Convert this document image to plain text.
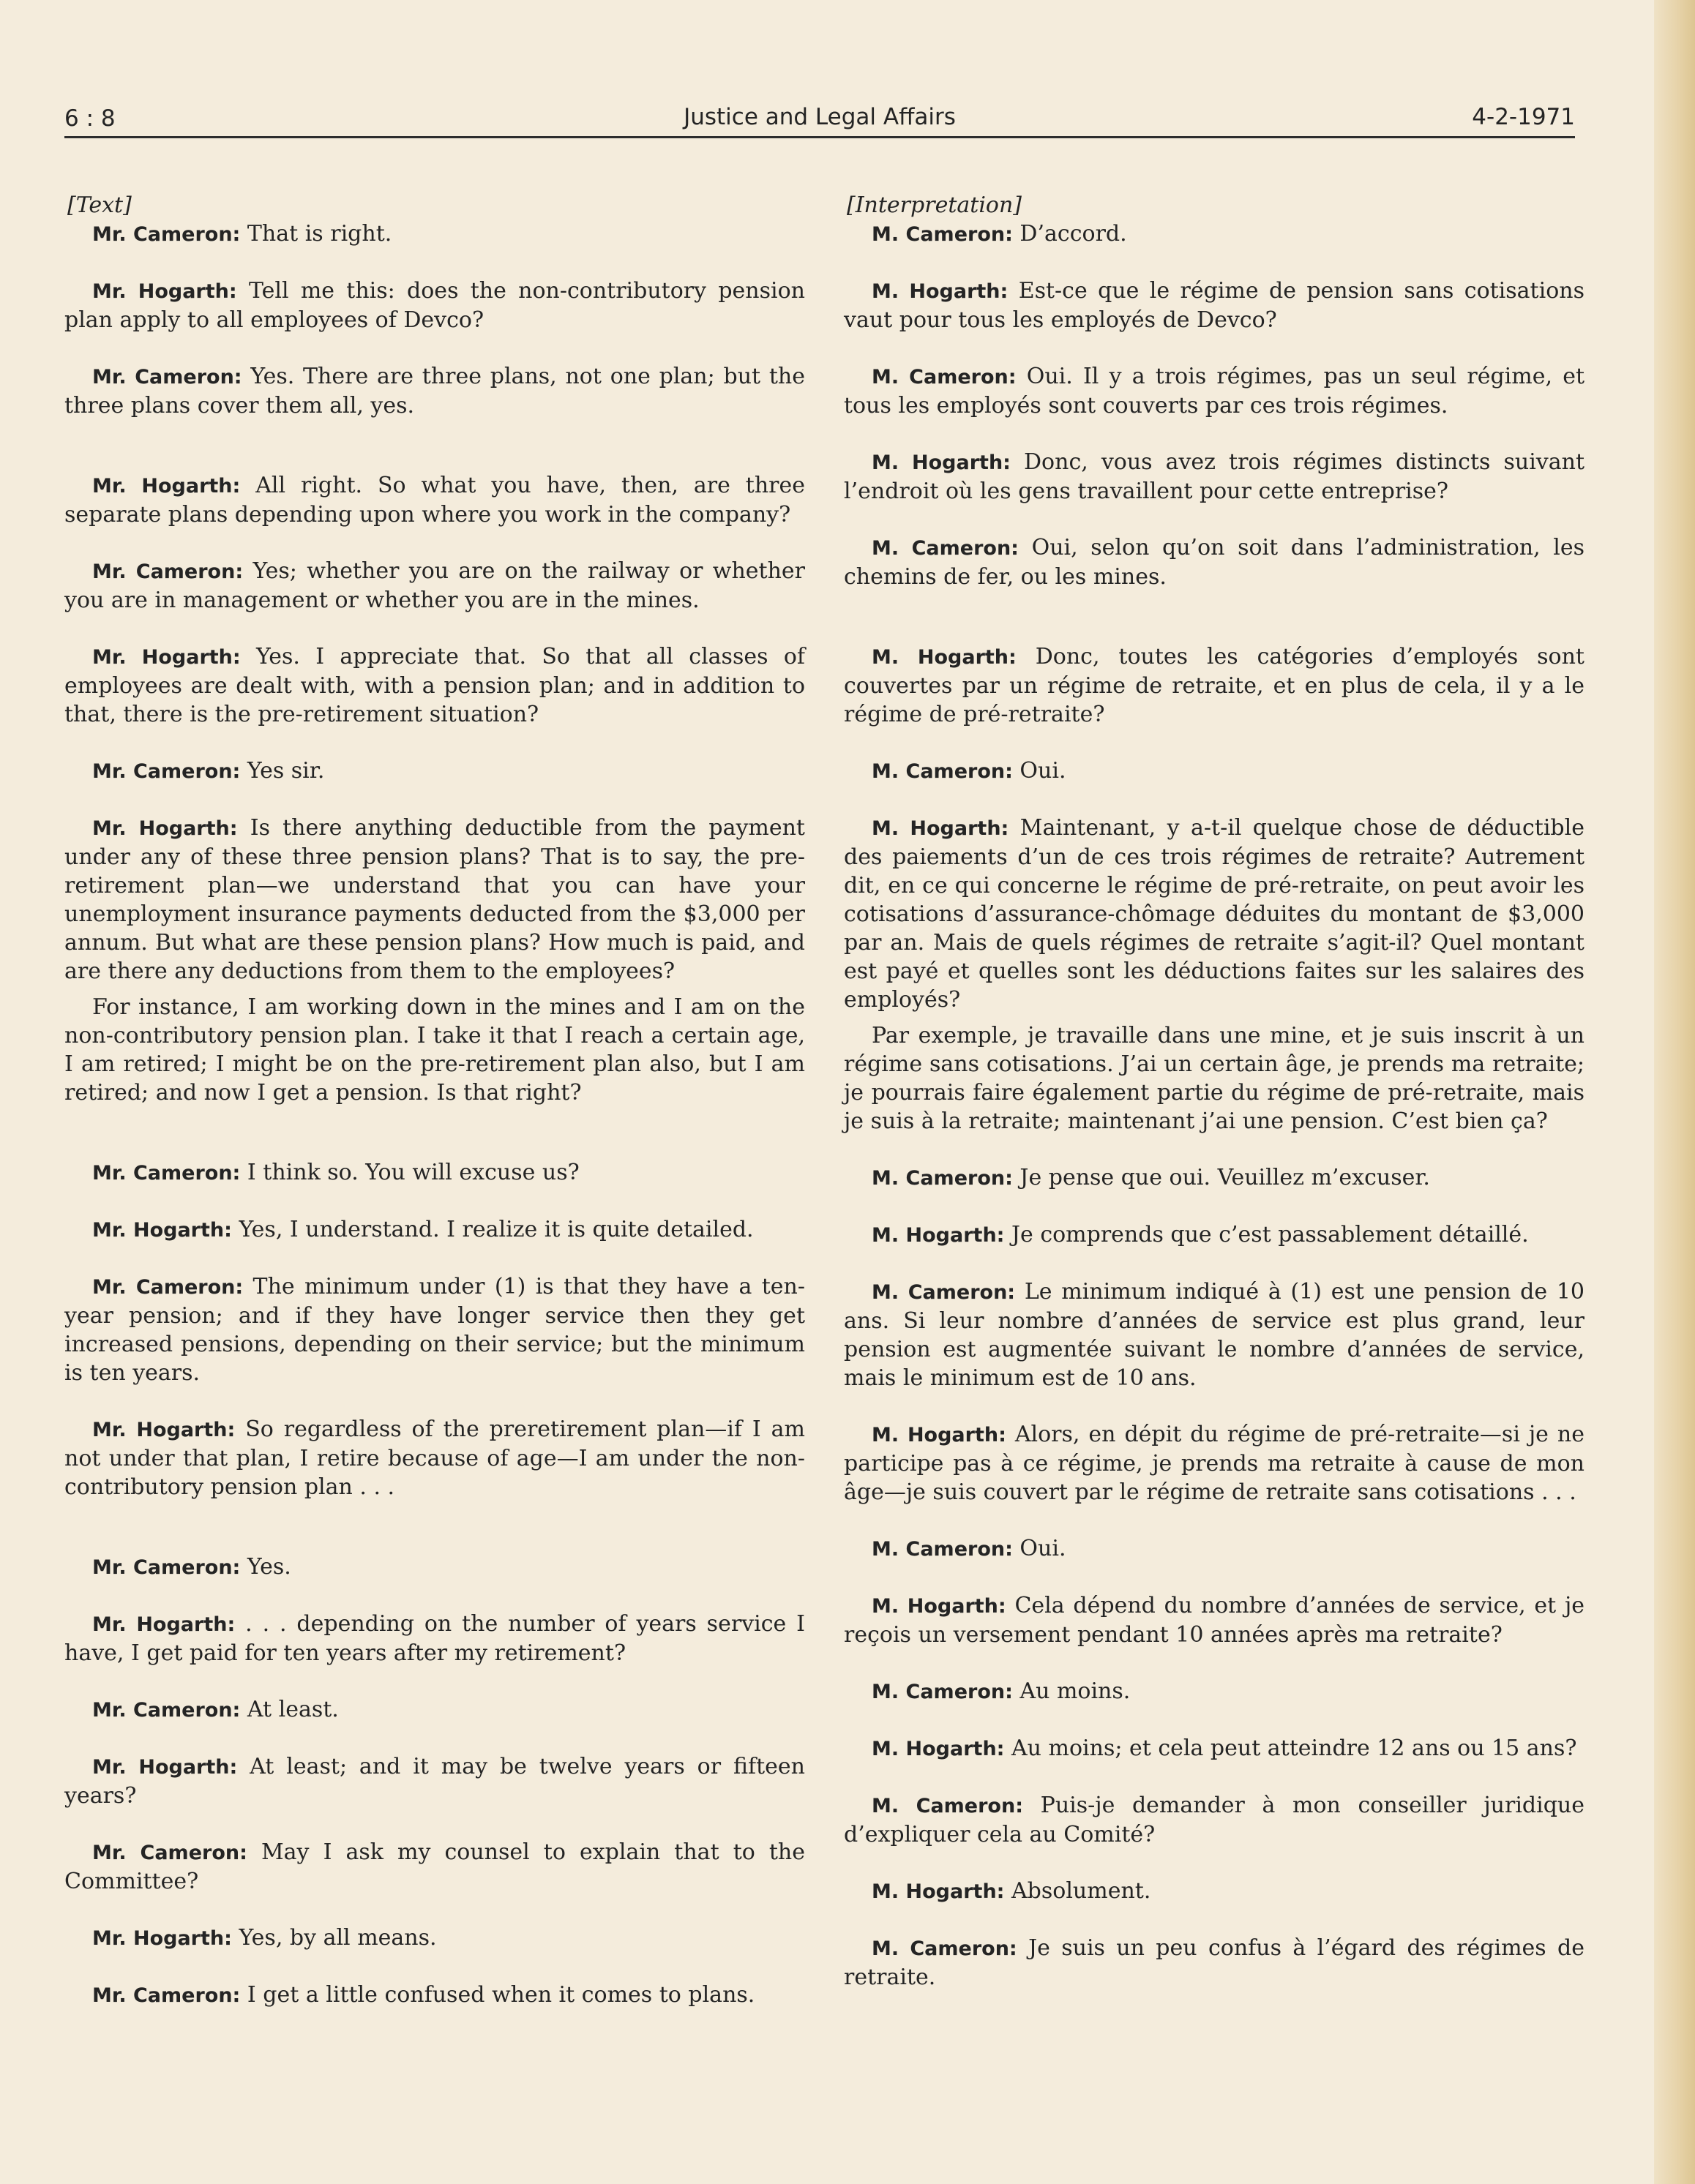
6 : 8	Justice and Legal Affairs	4-2-1971
[Text]

Mr. Cameron: That is right.

Mr. Hogarth: Tell me this: does the non-contributory pension plan apply to all employees of Devco?

Mr. Cameron: Yes. There are three plans, not one plan; but the three plans cover them all, yes.

Mr. Hogarth: All right. So what you have, then, are three separate plans depending upon where you work in the company?

Mr. Cameron: Yes; whether you are on the railway or whether you are in management or whether you are in the mines.

Mr. Hogarth: Yes. I appreciate that. So that all classes of employees are dealt with, with a pension plan; and in addition to that, there is the pre-retirement situation?

Mr. Cameron: Yes sir.

Mr. Hogarth: Is there anything deductible from the payment under any of these three pension plans? That is to say, the pre-retirement plan—we understand that you can have your unemployment insurance payments deducted from the $3,000 per annum. But what are these pension plans? How much is paid, and are there any deductions from them to the employees?

For instance, I am working down in the mines and I am on the non-contributory pension plan. I take it that I reach a certain age, I am retired; I might be on the pre-retirement plan also, but I am retired; and now I get a pension. Is that right?

Mr. Cameron: I think so. You will excuse us?

Mr. Hogarth: Yes, I understand. I realize it is quite detailed.

Mr. Cameron: The minimum under (1) is that they have a ten-year pension; and if they have longer service then they get increased pensions, depending on their service; but the minimum is ten years.

Mr. Hogarth: So regardless of the preretirement plan—if I am not under that plan, I retire because of age—I am under the non-contributory pension plan . . .

Mr. Cameron: Yes.

Mr. Hogarth: . . . depending on the number of years service I have, I get paid for ten years after my retirement?

Mr. Cameron: At least.

Mr. Hogarth: At least; and it may be twelve years or fifteen years?

Mr. Cameron: May I ask my counsel to explain that to the Committee?

Mr. Hogarth: Yes, by all means.

Mr. Cameron: I get a little confused when it comes to plans.

[Interpretation]

M. Cameron: D’accord.

M. Hogarth: Est-ce que le régime de pension sans cotisations vaut pour tous les employés de Devco?

M. Cameron: Oui. Il y a trois régimes, pas un seul régime, et tous les employés sont couverts par ces trois régimes.

M. Hogarth: Donc, vous avez trois régimes distincts suivant l’endroit où les gens travaillent pour cette entreprise?

M. Cameron: Oui, selon qu’on soit dans l’administration, les chemins de fer, ou les mines.

M. Hogarth: Donc, toutes les catégories d’employés sont couvertes par un régime de retraite, et en plus de cela, il y a le régime de pré-retraite?

M. Cameron: Oui.

M. Hogarth: Maintenant, y a-t-il quelque chose de déductible des paiements d’un de ces trois régimes de retraite? Autrement dit, en ce qui concerne le régime de pré-retraite, on peut avoir les cotisations d’assurance-chômage déduites du montant de $3,000 par an. Mais de quels régimes de retraite s’agit-il? Quel montant est payé et quelles sont les déductions faites sur les salaires des employés?

Par exemple, je travaille dans une mine, et je suis inscrit à un régime sans cotisations. J’ai un certain âge, je prends ma retraite; je pourrais faire également partie du régime de pré-retraite, mais je suis à la retraite; maintenant j’ai une pension. C’est bien ça?

M. Cameron: Je pense que oui. Veuillez m’excuser.

M. Hogarth: Je comprends que c’est passablement détaillé.

M. Cameron: Le minimum indiqué à (1) est une pension de 10 ans. Si leur nombre d’années de service est plus grand, leur pension est augmentée suivant le nombre d’années de service, mais le minimum est de 10 ans.

M. Hogarth: Alors, en dépit du régime de pré-retraite—si je ne participe pas à ce régime, je prends ma retraite à cause de mon âge—je suis couvert par le régime de retraite sans cotisations . . .

M. Cameron: Oui.

M. Hogarth: Cela dépend du nombre d’années de service, et je reçois un versement pendant 10 années après ma retraite?

M. Cameron: Au moins.

M. Hogarth: Au moins; et cela peut atteindre 12 ans ou 15 ans?

M. Cameron: Puis-je demander à mon conseiller juridique d’expliquer cela au Comité?

M. Hogarth: Absolument.

M. Cameron: Je suis un peu confus à l’égard des régimes de retraite.
